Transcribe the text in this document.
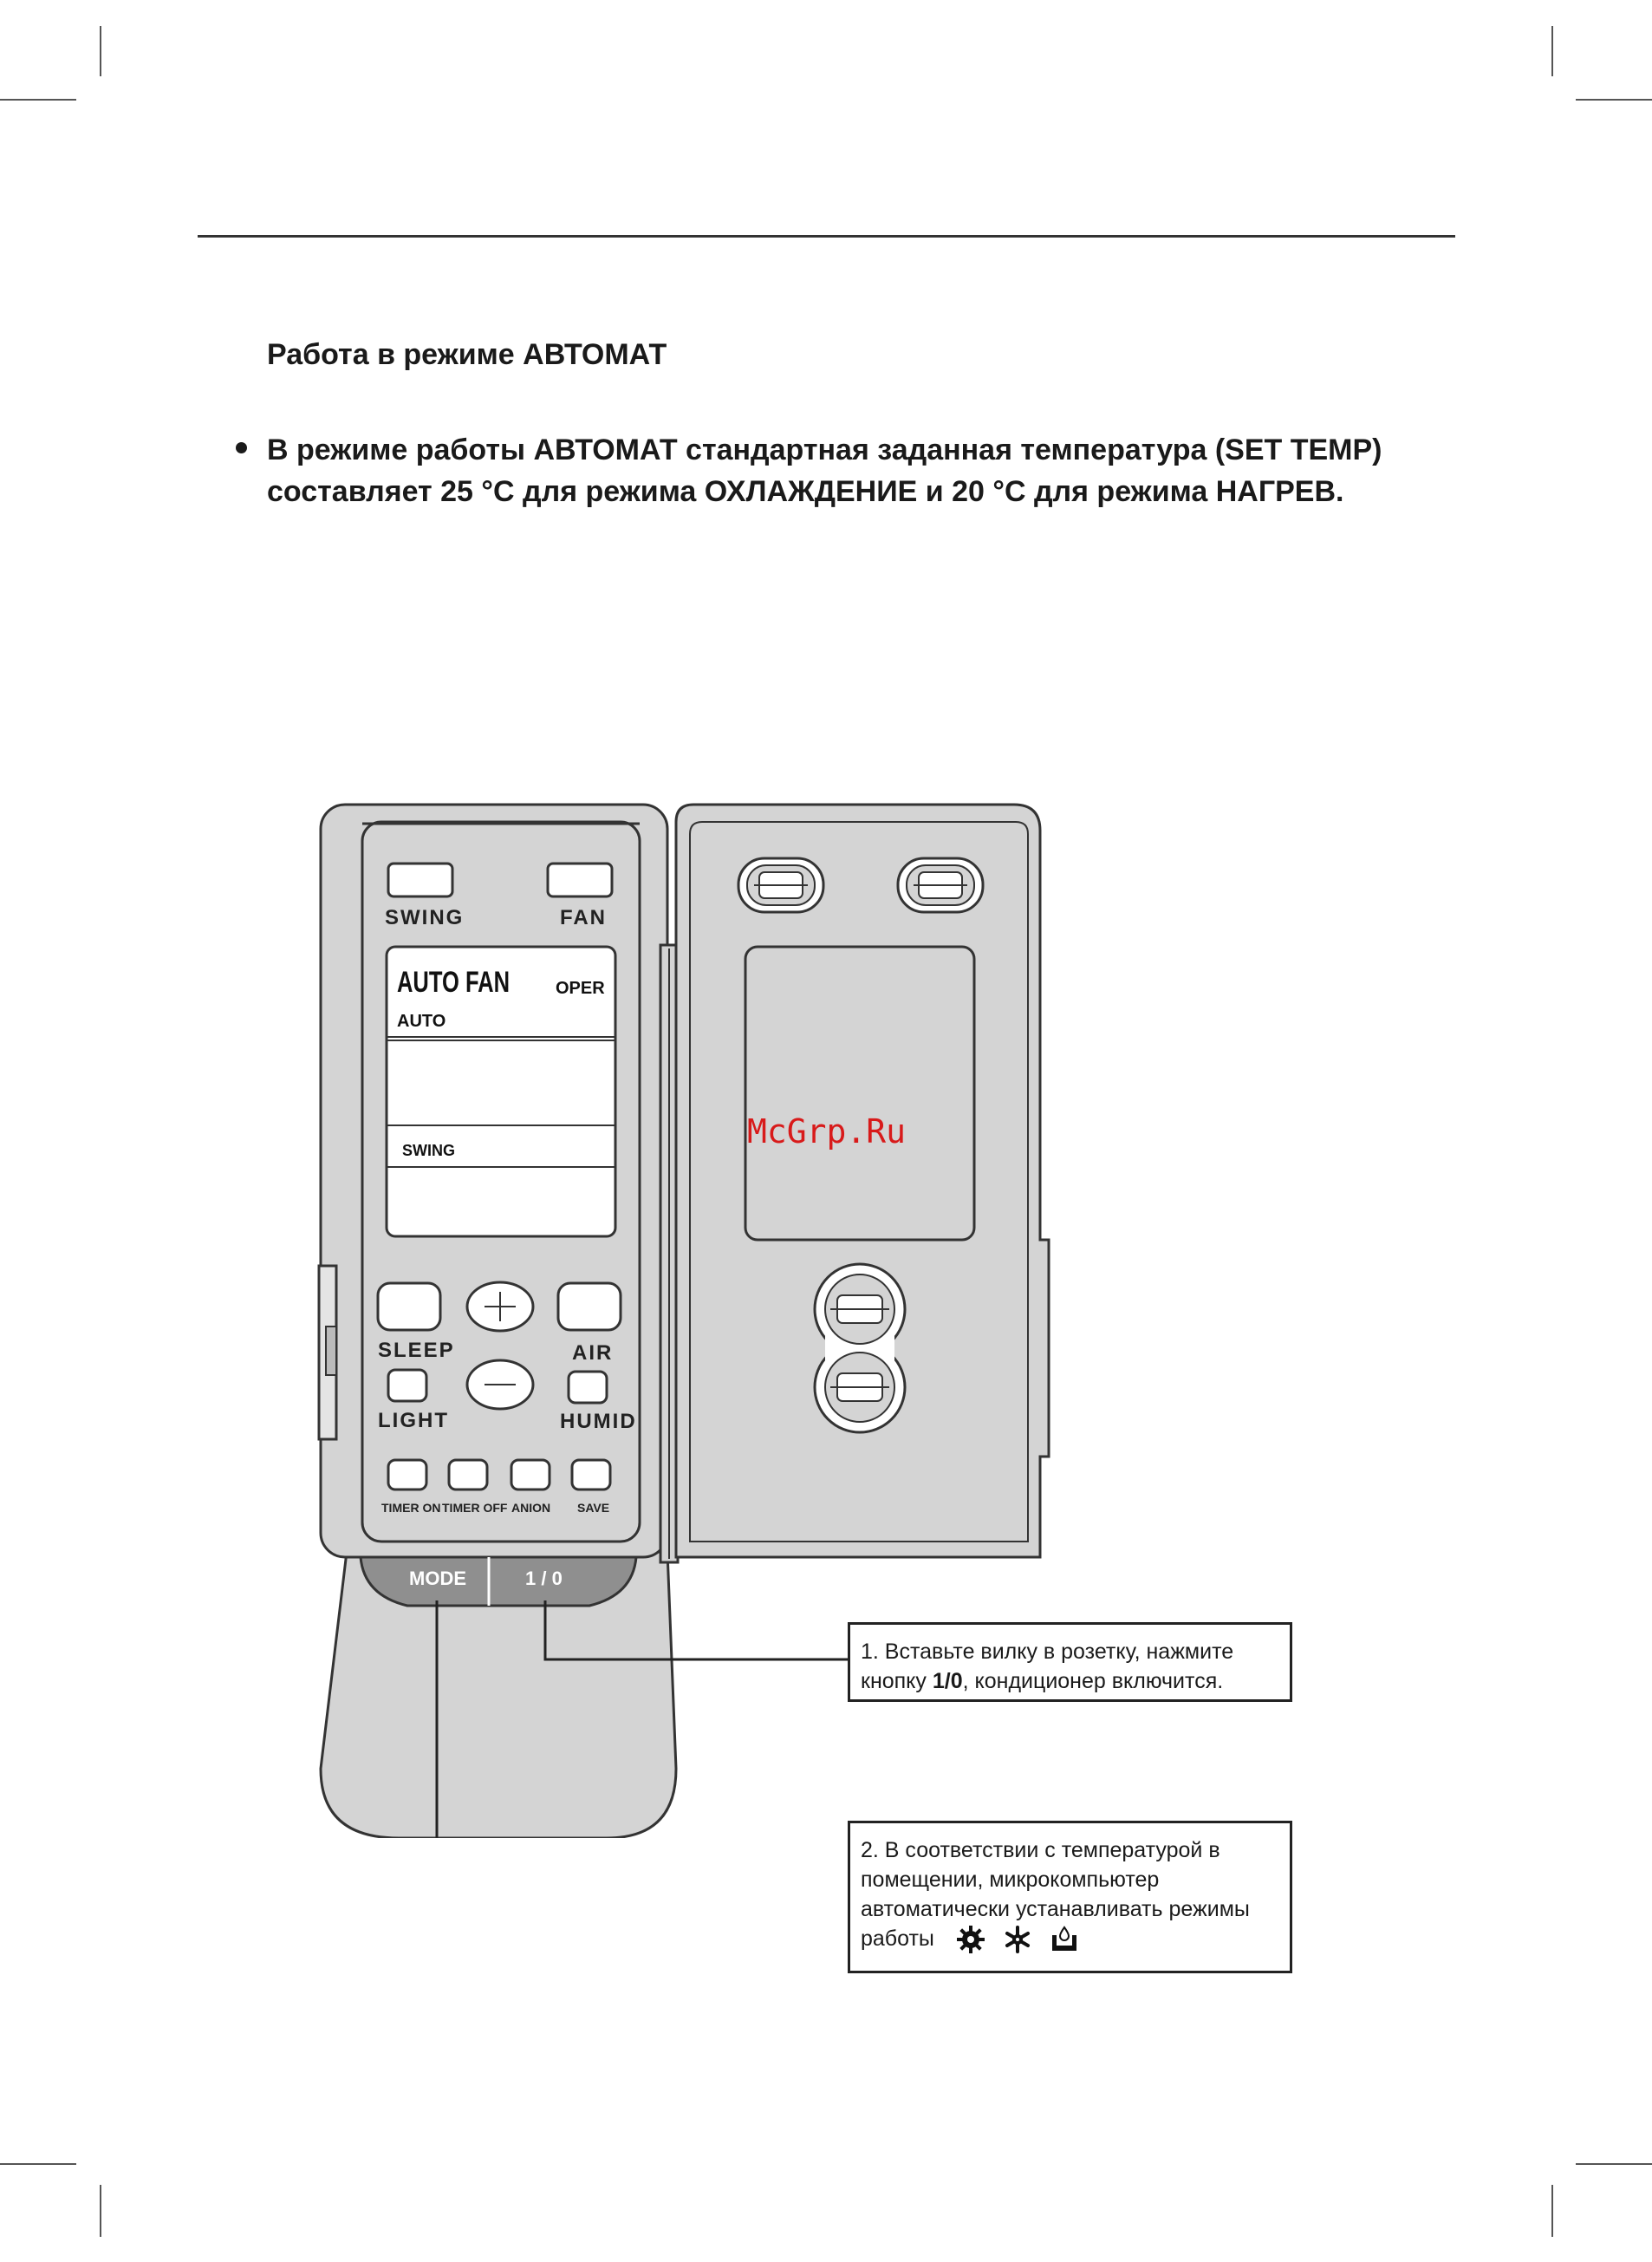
Работа в режиме АВТОМАТ
В режиме работы АВТОМАТ стандартная заданная температура (SET TEMP)
составляет 25 °С для режима ОХЛАЖДЕНИЕ и 20 °С для режима НАГРЕВ.
SWING	FAN
AUTO FAN	OPER
AUTO
SWING
SLEEP	AIR
LIGHT	HUMID
TIMER ON TIMER OFF ANION SAVE
MODE	1 / 0
McGrp.Ru
1. Вставьте вилку в розетку, нажмите
кнопку 1/0, кондиционер включится.
2. В соответствии с температурой в
помещении, микрокомпьютер
автоматически устанавливать режимы
работы
